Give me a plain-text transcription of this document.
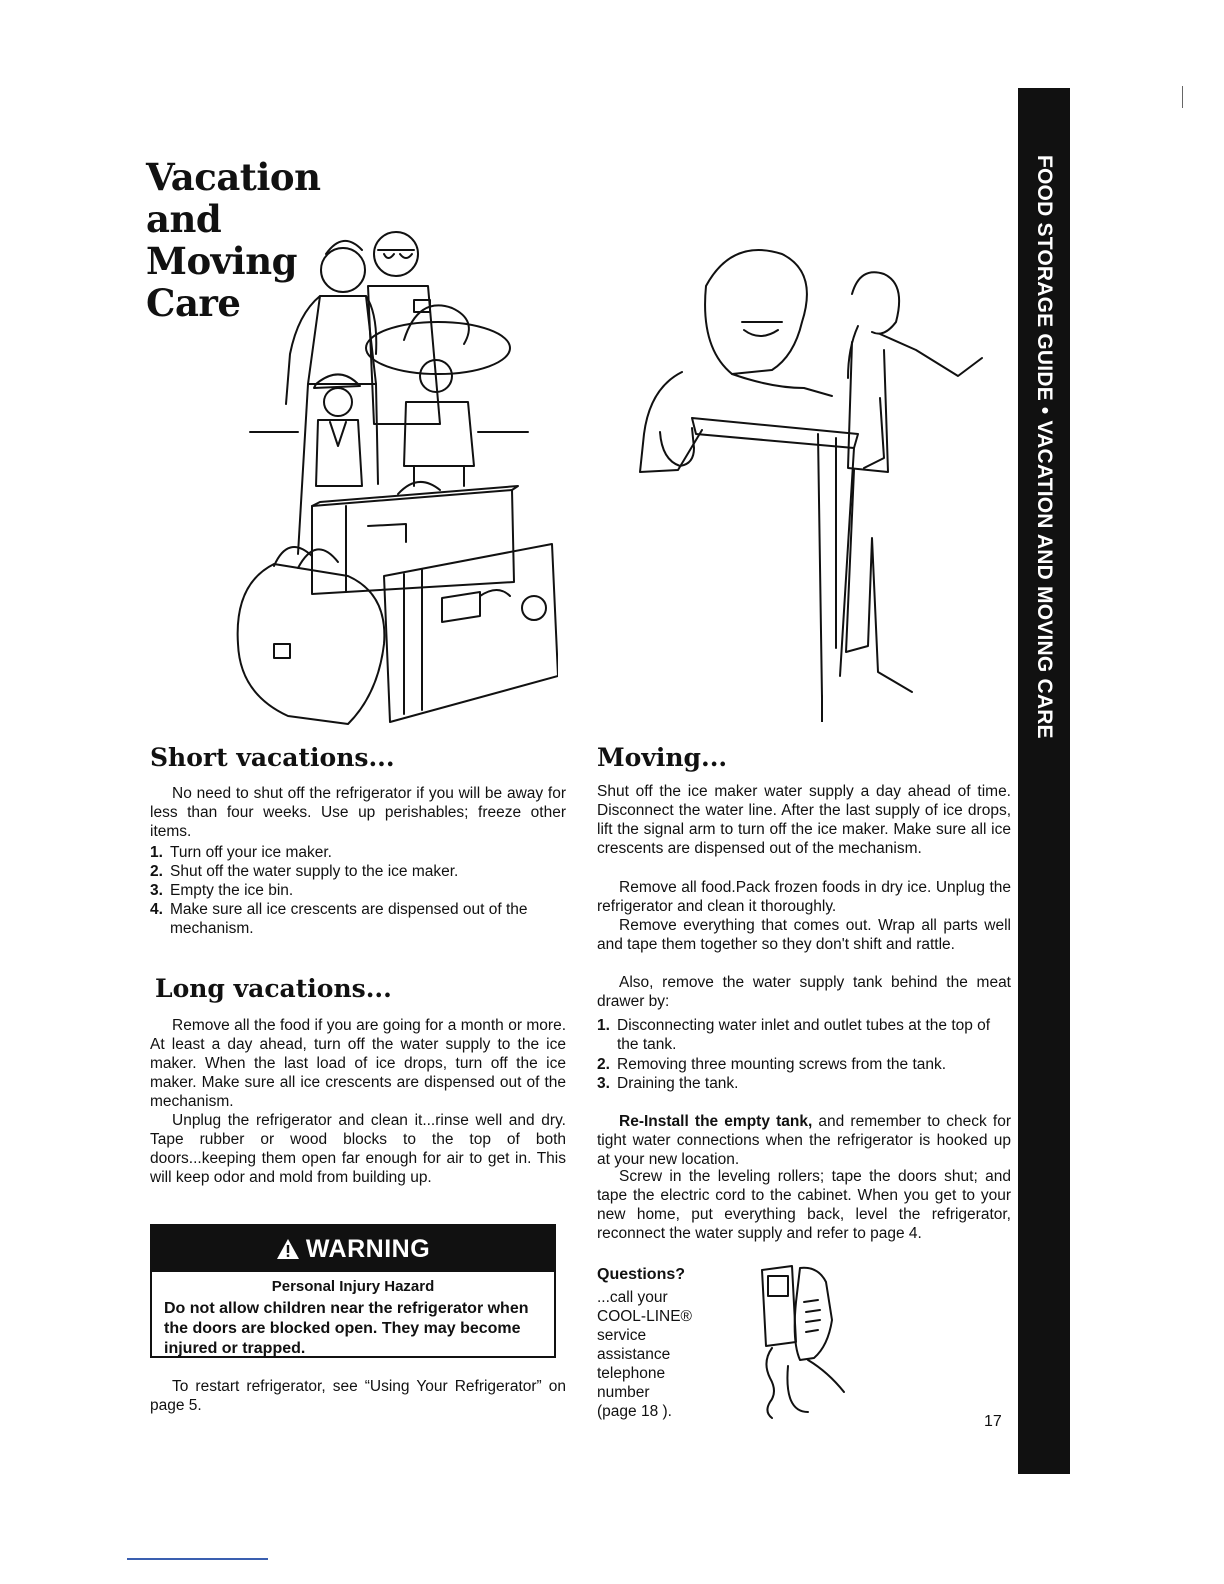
Vacation
and
Moving
Care	FOOD STORAGE GUIDE • VACATION AND MOVING CARE
Short vacations...

No need to shut off the refrigerator if you will be away for less than four weeks. Use up perishables; freeze other items.

1. Turn off your ice maker.
2. Shut off the water supply to the ice maker.
3. Empty the ice bin.
4. Make sure all ice crescents are dispensed out of the mechanism.
Long vacations...

Remove all the food if you are going for a month or more. At least a day ahead, turn off the water supply to the ice maker. When the last load of ice drops, turn off the ice maker. Make sure all ice crescents are dispensed out of the mechanism.

Unplug the refrigerator and clean it...rinse well and dry. Tape rubber or wood blocks to the top of both doors...keeping them open far enough for air to get in. This will keep odor and mold from building up.

WARNING
Personal Injury Hazard
Do not allow children near the refrigerator when the doors are blocked open. They may become injured or trapped.

To restart refrigerator, see “Using Your Refrigerator” on page 5.

Moving...

Shut off the ice maker water supply a day ahead of time. Disconnect the water line. After the last supply of ice drops, lift the signal arm to turn off the ice maker. Make sure all ice crescents are dispensed out of the mechanism.

Remove all food.Pack frozen foods in dry ice. Unplug the refrigerator and clean it thoroughly.

Remove everything that comes out. Wrap all parts well and tape them together so they don't shift and rattle.

Also, remove the water supply tank behind the meat drawer by:

1. Disconnecting water inlet and outlet tubes at the top of the tank.
2. Removing three mounting screws from the tank.
3. Draining the tank.

Re-Install the empty tank, and remember to check for tight water connections when the refrigerator is hooked up at your new location.

Screw in the leveling rollers; tape the doors shut; and tape the electric cord to the cabinet. When you get to your new home, put everything back, level the refrigerator, reconnect the water supply and refer to page 4.

Questions?

...call your
COOL-LINE®
service
assistance
telephone
number
(page 18 ).

17
